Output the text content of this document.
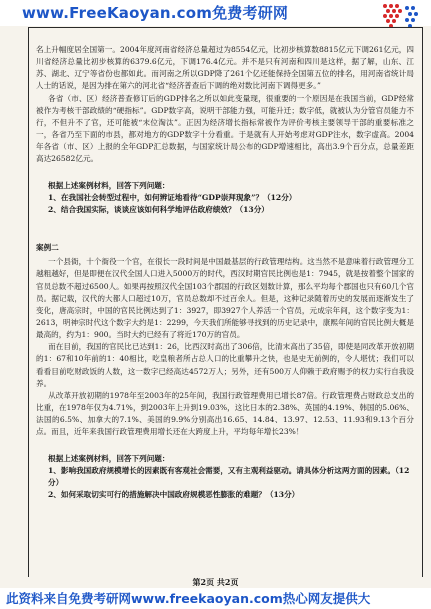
www.FreeKaoyan.com免费考研网

名上升幅度居全国第一。2004年度河南省经济总量超过为8554亿元，比初步核算数8815亿元下调261亿元，四川省经济总量比初步核算的6379.6亿元，下调176.4亿元。并不是只有河南和四川是这样，据了解，山东、江苏、湖北、辽宁等省份也都如此。而河南之所以GDP降了261个亿还能保持全国第五位的排名，用河南省统计局人士的话说，是因为排在第六的河北省“经济普查后下调的绝对数比河南下调得更多。”

各省（市、区）经济普查修订后的GDP排名之所以如此变量现，很重要的一个原因是在我国当前，GDP经常被作为考核干部政绩的“硬指标”。GDP数字高，说明干部能力强，可能升迁；数字低，就被认为分管官员能力不行，不但升不了官，还可能被“末位淘汰”。正因为经济增长指标常被作为评价考核主要领导干部的重要标准之一，各省乃至下面的市县，都对地方的GDP数字十分看重。于是就有人开始考虑对GDP注水，数字虚高。2004年各省（市、区）上报的全年GDP汇总数据，与国家统计局公布的GDP增速相比，高出3.9个百分点，总量差距高达26582亿元。

根据上述案例材料，回答下列问题：

1、在我国社会转型过程中，如何辨证地看待“GDP崇拜现象”？（12分）

2、结合我国实际，谈谈应该如何科学地评估政府绩效？（13分）

案例二

一个县衙，十个衙役一个官，在很长一段时间是中国最基层的行政管理结构。这当然不是意味着行政管理分工越粗越好，但是即便在汉代全国人口进入5000万的时代，西汉时期官民比例也是1：7945，就是按着整个国家的官员总数不超过6500人。如果再按照汉代全国103个郡国的行政区划数计算，那么平均每个郡国也只有60几个官员。据记载，汉代的大都人口超过10万，官员总数却不过百余人。但是，这种记录随着历史的发展而逐渐发生了变化，唐高宗时，中国的官民比例达到了1：3927，即3927个人养活一个官员，元成宗年间，这个数字变为1：2613，明神宗时代这个数字大约是1：2299，今天我们所能够寻找到的历史记录中，康熙年间的官民比例大概是最高的，约为1：900。当时大约已经有了将近170万的官员。

而在目前，我国的官民比已达到1：26，比西汉时高出了306倍，比清末高出了35倍，即使是同改革开放初期的1：67和10年前的1：40相比，吃皇粮者所占总人口的比重攀升之快，也是史无前例的，令人堪忧；我们可以看看目前吃财政饭的人数，这一数字已经高达4572万人；另外，还有500万人仰赖于政府赐予的权力实行自我设养。

从改革开放初期的1978年至2003年的25年间，我国行政管理费用已增长87倍。行政管理费占财政总支出的比重，在1978年仅为4.71%，到2003年上升到19.03%，这比日本的2.38%、英国的4.19%、韩国的5.06%、法国的6.5%、加拿大的7.1%、美国的9.9%分别高出16.65、14.84、13.97、12.53、11.93和9.13个百分点。而且，近年来我国行政管理费用增长还在大跨度上升，平均每年增长23%！

根据上述案例材料，回答下列问题：

1、影响我国政府规模增长的因素既有客观社会需要，又有主观利益驱动。请具体分析这两方面的因素。（12分）

2、如何采取切实可行的措施解决中国政府规模恶性膨胀的难题？（13分）

第2页 共2页
此资料来自免费考研网www.freekaoyan.com热心网友提供大
